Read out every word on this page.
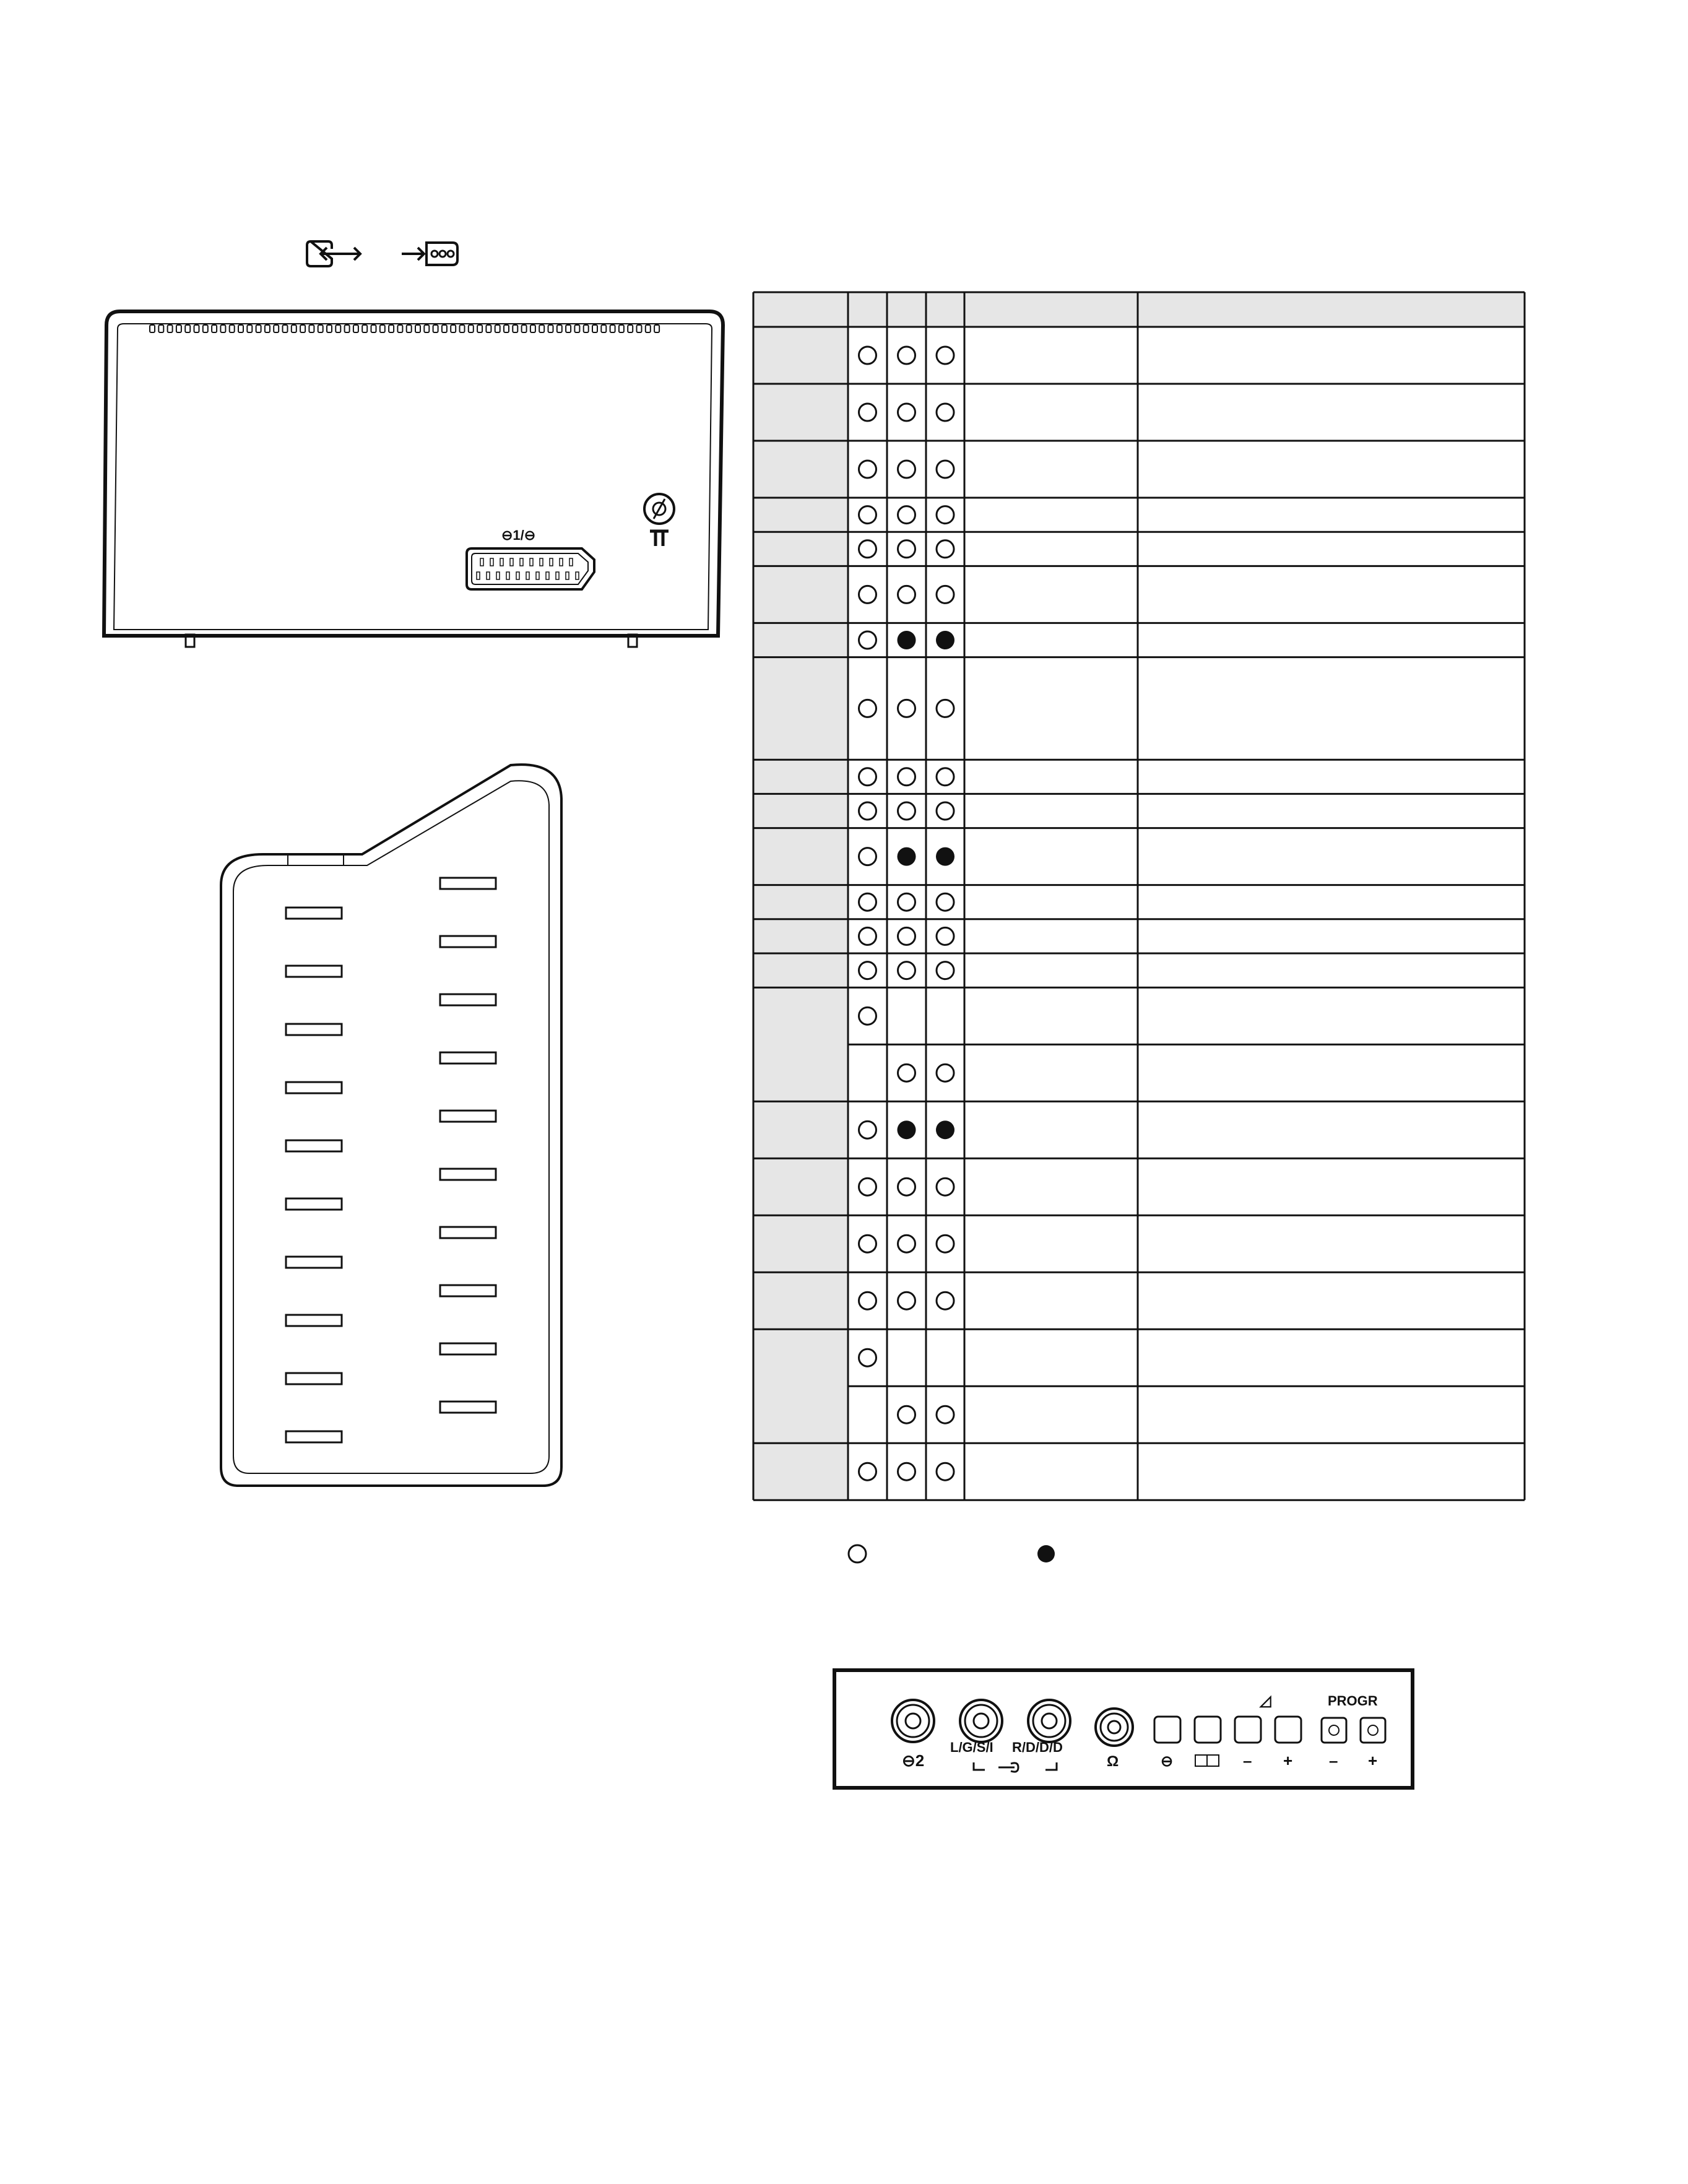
⊖1/⊖
⊖2
L/G/S/I R/D/D/D
Ω	⊖	– +
◿	PROGR
– +
